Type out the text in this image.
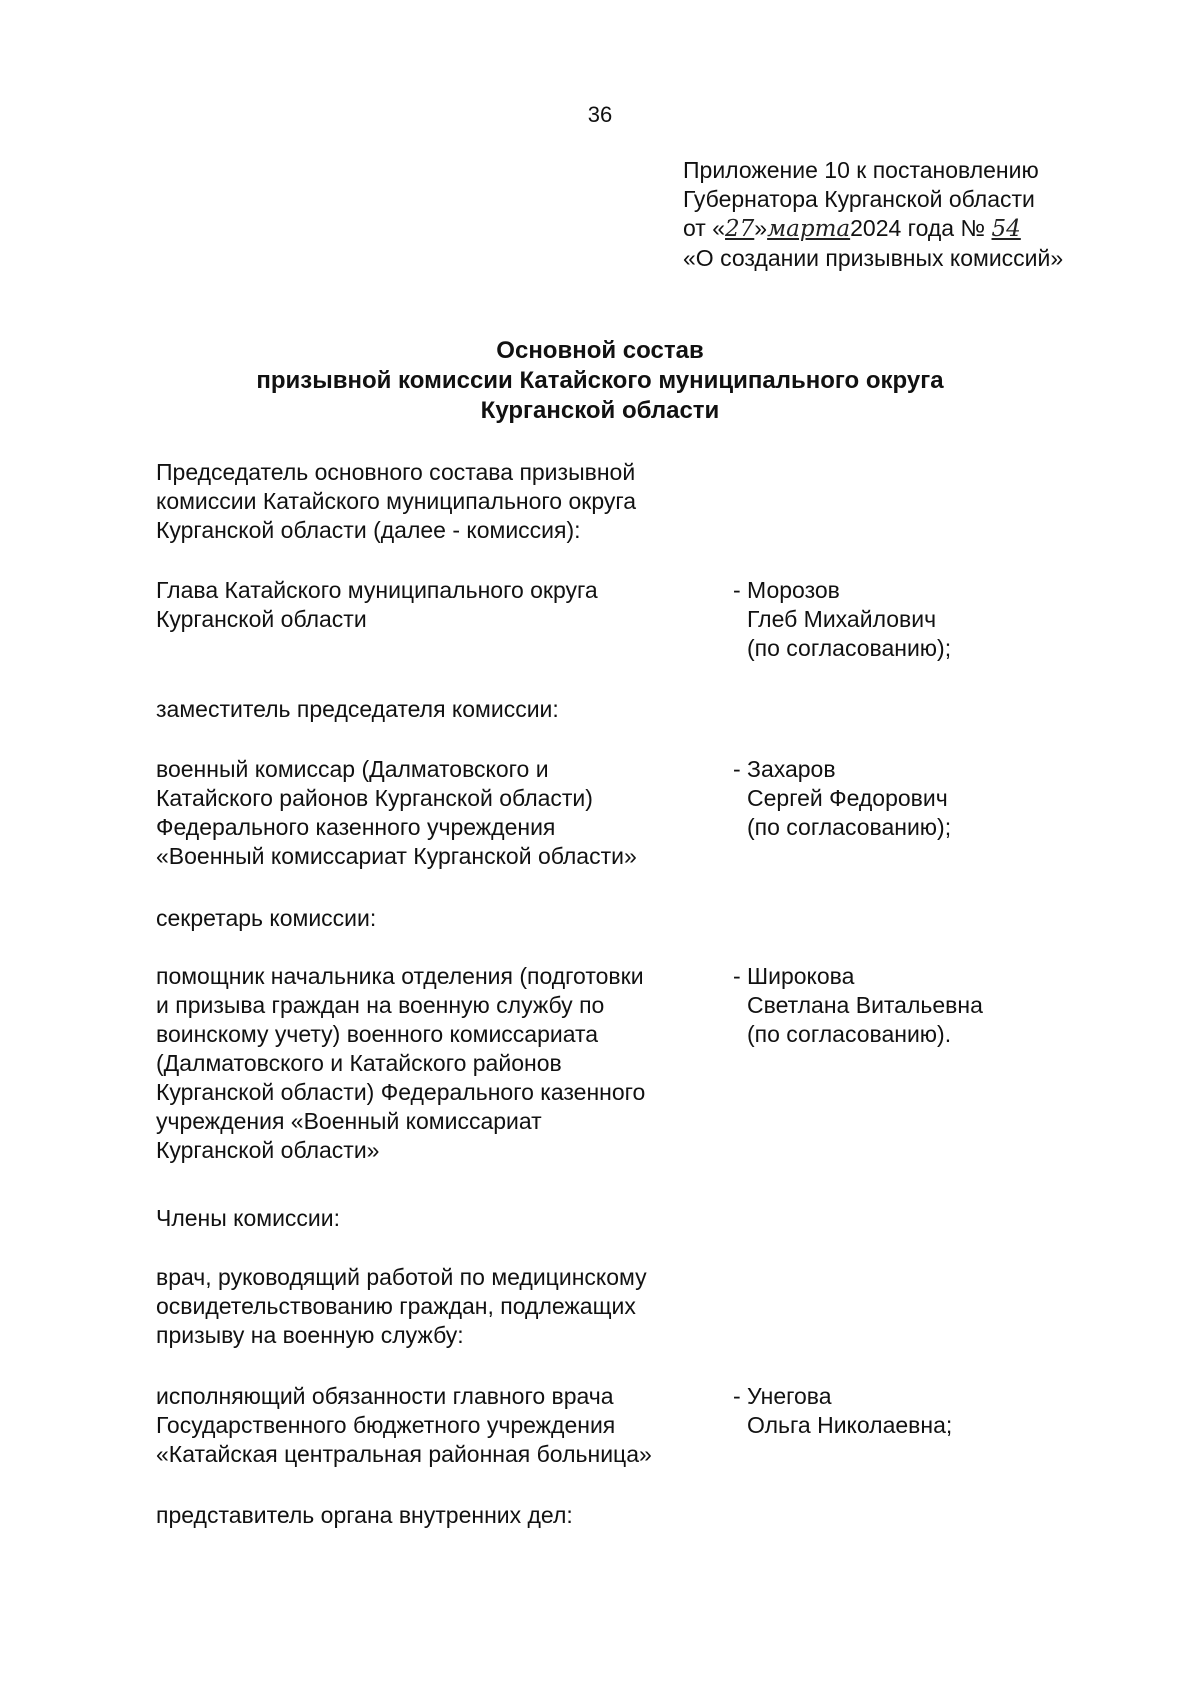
36
Приложение 10 к постановлению
Губернатора Курганской области
от «27»марта2024 года № 54
«О создании призывных комиссий»
Основной состав
призывной комиссии Катайского муниципального округа
Курганской области
Председатель основного состава призывной
комиссии Катайского муниципального округа
Курганской области (далее - комиссия):
Глава Катайского муниципального округа
Курганской области
- Морозов
Глеб Михайлович
(по согласованию);
заместитель председателя комиссии:
военный комиссар (Далматовского и
Катайского районов Курганской области)
Федерального казенного учреждения
«Военный комиссариат Курганской области»
- Захаров
Сергей Федорович
(по согласованию);
секретарь комиссии:
помощник начальника отделения (подготовки
и призыва граждан на военную службу по
воинскому учету) военного комиссариата
(Далматовского и Катайского районов
Курганской области) Федерального казенного
учреждения «Военный комиссариат
Курганской области»
- Широкова
Светлана Витальевна
(по согласованию).
Члены комиссии:
врач, руководящий работой по медицинскому
освидетельствованию граждан, подлежащих
призыву на военную службу:
исполняющий обязанности главного врача
Государственного бюджетного учреждения
«Катайская центральная районная больница»
- Унегова
Ольга Николаевна;
представитель органа внутренних дел:
